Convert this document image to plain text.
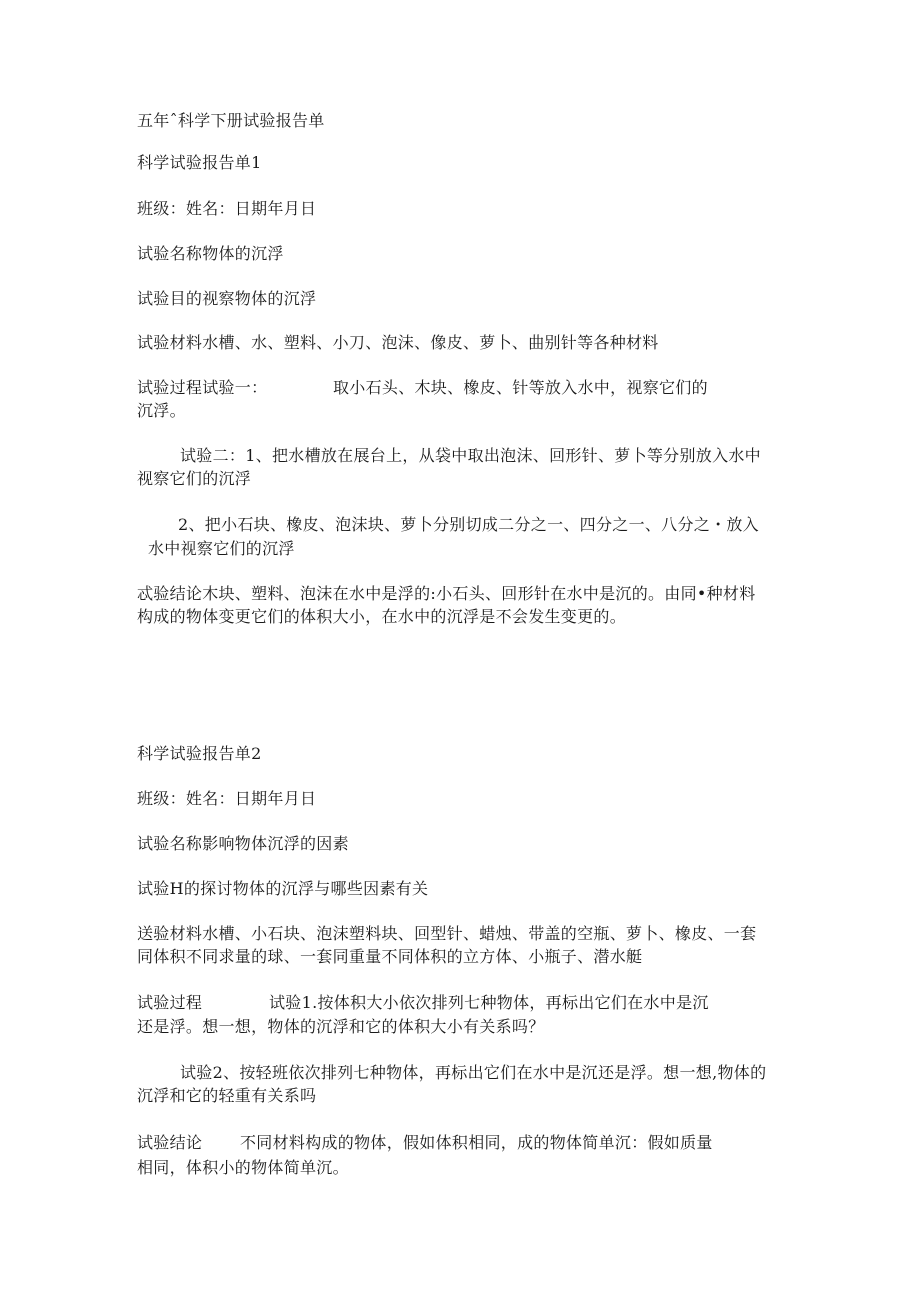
五年ˆ科学下册试验报告单
科学试验报告单1
班级：姓名：日期年月日
试验名称物体的沉浮
试验目的视察物体的沉浮
试验材料水槽、水、塑料、小刀、泡沫、像皮、萝卜、曲别针等各种材料
试验过程试验一：	取小石头、木块、橡皮、针等放入水中，视察它们的
沉浮。
试验二：1、把水槽放在展台上，从袋中取出泡沫、回形针、萝卜等分别放入水中
视察它们的沉浮
2、把小石块、橡皮、泡沫块、萝卜分别切成二分之一、四分之一、八分之・放入
水中视察它们的沉浮
忒验结论木块、塑料、泡沫在水中是浮的:小石头、回形针在水中是沉的。由同•种材料
构成的物体变更它们的体积大小，在水中的沉浮是不会发生变更的。
科学试验报告单2
班级：姓名：日期年月日
试验名称影响物体沉浮的因素
试验H的探讨物体的沉浮与哪些因素有关
送验材料水槽、小石块、泡沫塑料块、回型针、蜡烛、带盖的空瓶、萝卜、橡皮、一套
同体积不同求量的球、一套同重量不同体积的立方体、小瓶子、潜水艇
试验过程	试验1.按体积大小依次排列七种物体，再标出它们在水中是沉
还是浮。想一想，物体的沉浮和它的体积大小有关系吗？
试验2、按轻班依次排列七种物体，再标出它们在水中是沉还是浮。想一想,物体的
沉浮和它的轻重有关系吗
试验结论 不同材料构成的物体，假如体积相同，成的物体简单沉：假如质量
相同，体积小的物体简单沉。
